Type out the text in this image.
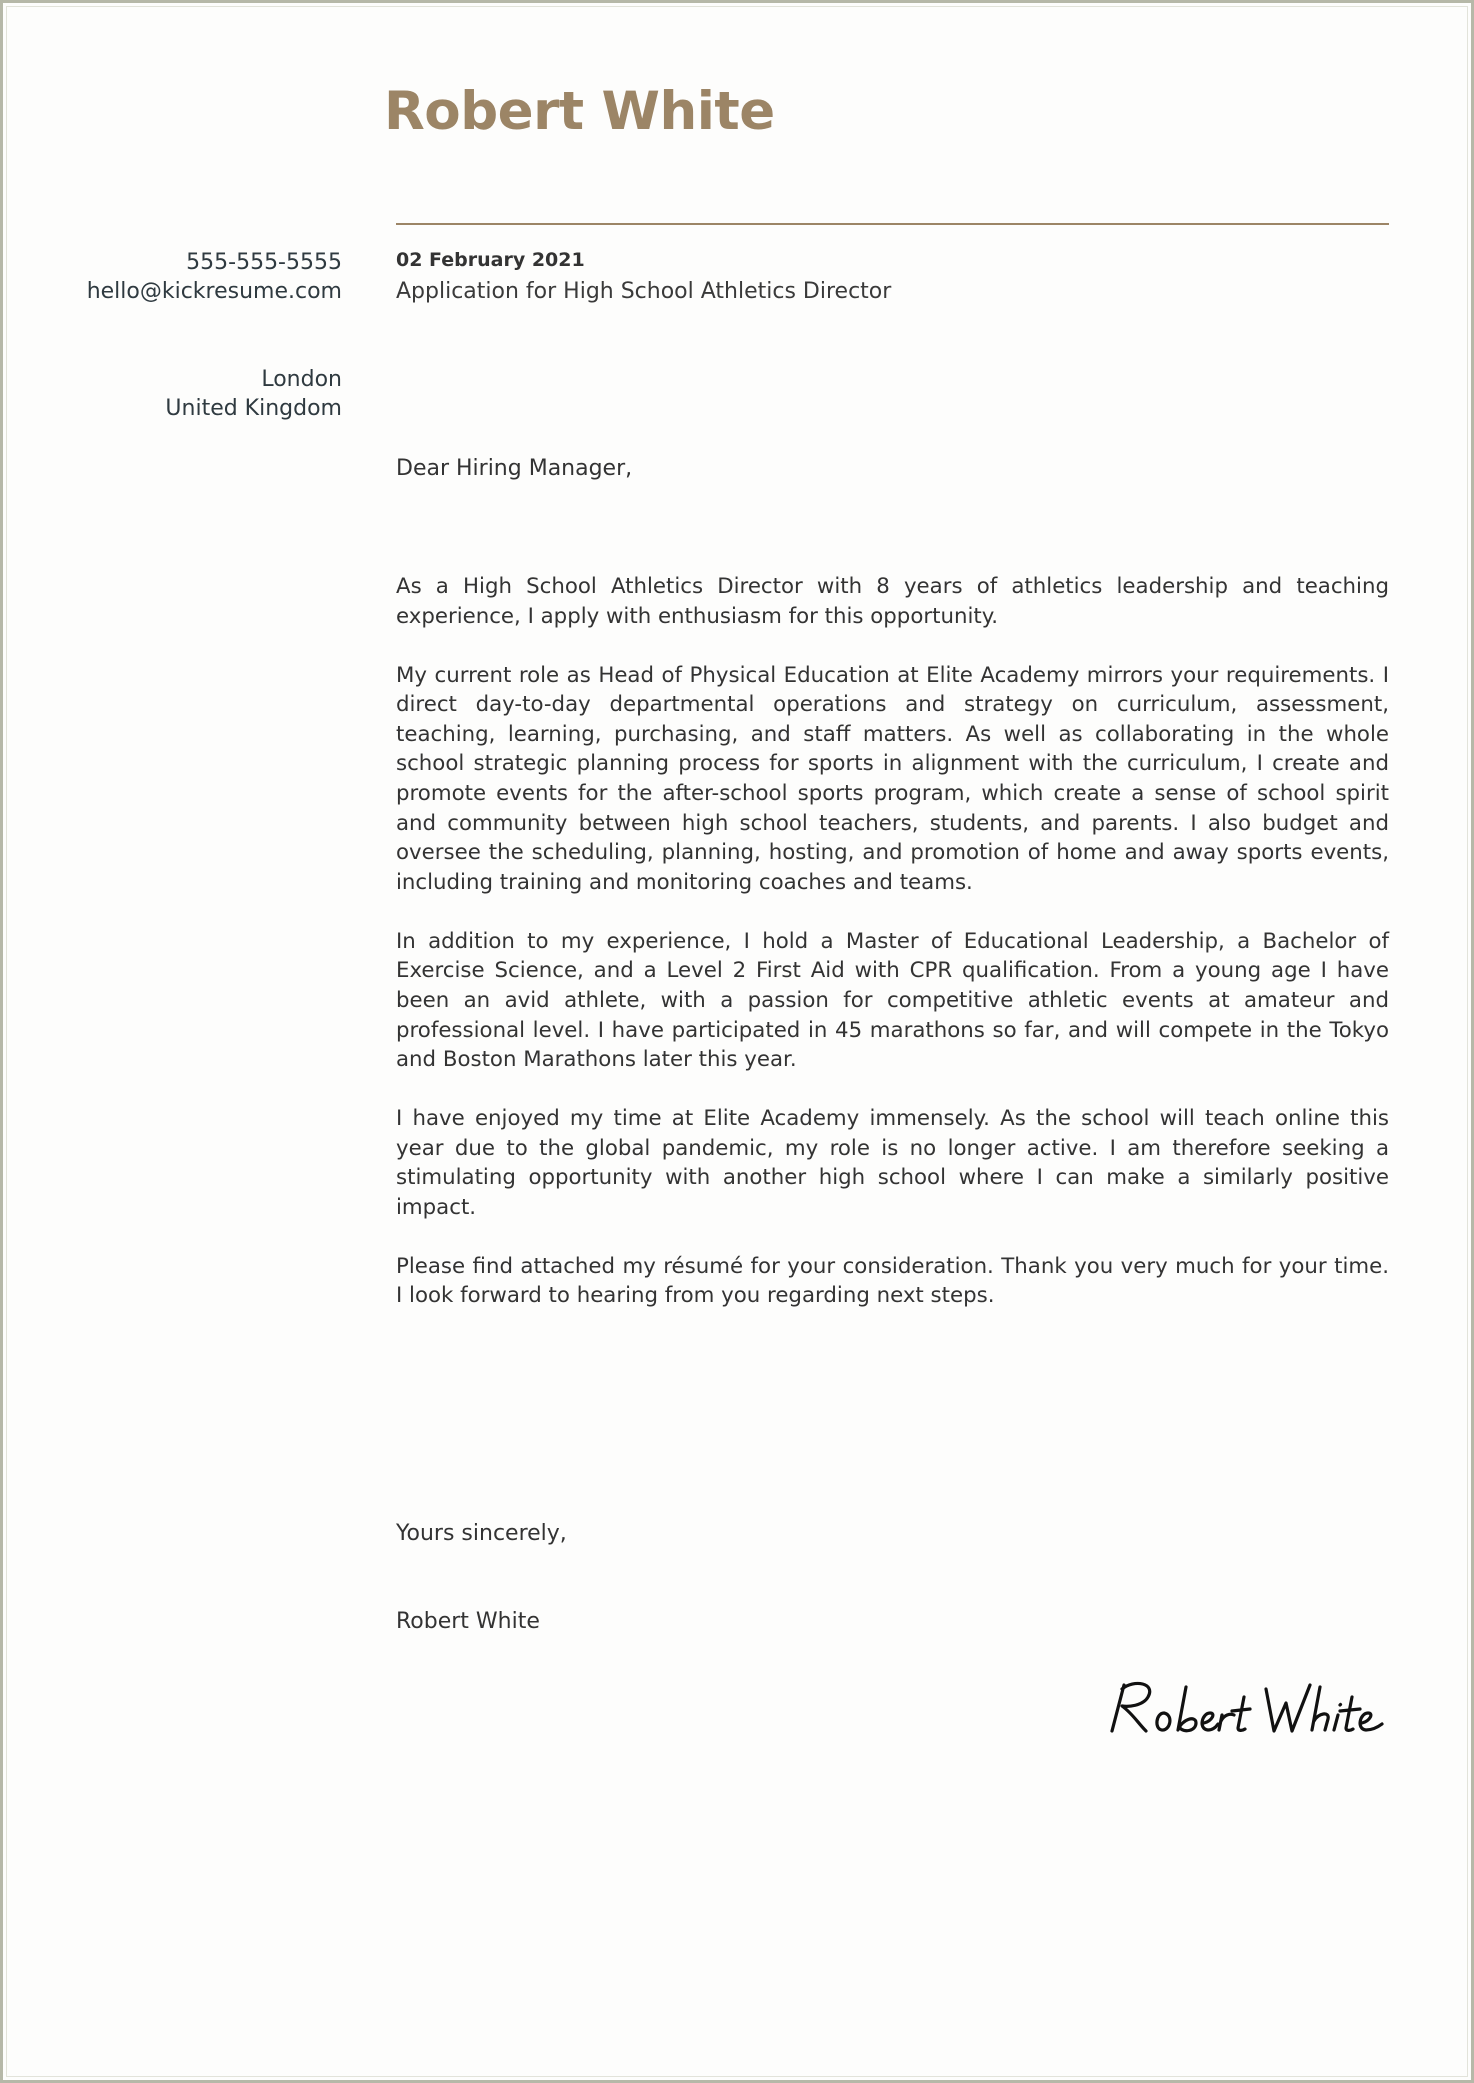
Robert White
555-555-5555
hello@kickresume.com
London
United Kingdom
02 February 2021
Application for High School Athletics Director
Dear Hiring Manager,

As a High School Athletics Director with 8 years of athletics leadership and teaching experience, I apply with enthusiasm for this opportunity.

My current role as Head of Physical Education at Elite Academy mirrors your requirements. I direct day-to-day departmental operations and strategy on curriculum, assessment, teaching, learning, purchasing, and staff matters. As well as collaborating in the whole school strategic planning process for sports in alignment with the curriculum, I create and promote events for the after-school sports program, which create a sense of school spirit and community between high school teachers, students, and parents. I also budget and oversee the scheduling, planning, hosting, and promotion of home and away sports events, including training and monitoring coaches and teams.

In addition to my experience, I hold a Master of Educational Leadership, a Bachelor of Exercise Science, and a Level 2 First Aid with CPR qualification. From a young age I have been an avid athlete, with a passion for competitive athletic events at amateur and professional level. I have participated in 45 marathons so far, and will compete in the Tokyo and Boston Marathons later this year.

I have enjoyed my time at Elite Academy immensely. As the school will teach online this year due to the global pandemic, my role is no longer active. I am therefore seeking a stimulating opportunity with another high school where I can make a similarly positive impact.

Please find attached my résumé for your consideration. Thank you very much for your time. I look forward to hearing from you regarding next steps.

Yours sincerely,
Robert White
